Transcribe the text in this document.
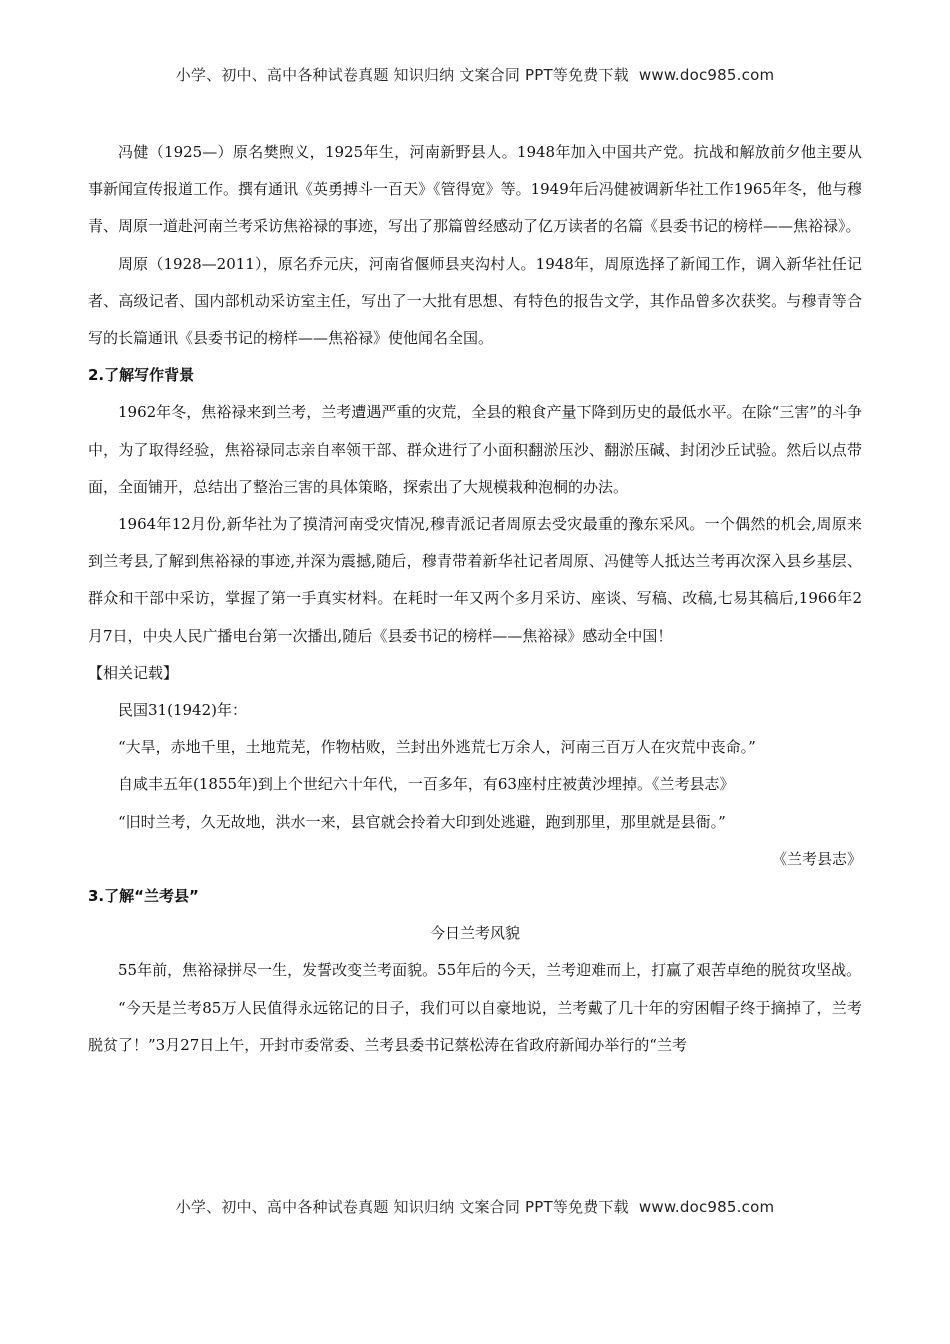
小学、初中、高中各种试卷真题 知识归纳 文案合同 PPT等免费下载 www.doc985.com

冯健（1925—）原名樊煦义，1925年生，河南新野县人。1948年加入中国共产党。抗战和解放前夕他主要从事新闻宣传报道工作。撰有通讯《英勇搏斗一百天》《管得宽》等。1949年后冯健被调新华社工作1965年冬，他与穆青、周原一道赴河南兰考采访焦裕禄的事迹，写出了那篇曾经感动了亿万读者的名篇《县委书记的榜样——焦裕禄》。

周原（1928—2011），原名乔元庆，河南省偃师县夹沟村人。1948年，周原选择了新闻工作，调入新华社任记者、高级记者、国内部机动采访室主任，写出了一大批有思想、有特色的报告文学，其作品曾多次获奖。与穆青等合写的长篇通讯《县委书记的榜样——焦裕禄》使他闻名全国。

2.了解写作背景

1962年冬，焦裕禄来到兰考，兰考遭遇严重的灾荒，全县的粮食产量下降到历史的最低水平。在除“三害”的斗争中，为了取得经验，焦裕禄同志亲自率领干部、群众进行了小面积翻淤压沙、翻淤压碱、封闭沙丘试验。然后以点带面，全面铺开，总结出了整治三害的具体策略，探索出了大规模栽种泡桐的办法。

1964年12月份,新华社为了摸清河南受灾情况,穆青派记者周原去受灾最重的豫东采风。一个偶然的机会,周原来到兰考县,了解到焦裕禄的事迹,并深为震撼,随后，穆青带着新华社记者周原、冯健等人抵达兰考再次深入县乡基层、群众和干部中采访，掌握了第一手真实材料。在耗时一年又两个多月采访、座谈、写稿、改稿,七易其稿后,1966年2月7日，中央人民广播电台第一次播出,随后《县委书记的榜样——焦裕禄》感动全中国！

【相关记载】

民国31(1942)年：

“大旱，赤地千里，土地荒芜，作物枯败，兰封出外逃荒七万余人，河南三百万人在灾荒中丧命。”

自咸丰五年(1855年)到上个世纪六十年代，一百多年，有63座村庄被黄沙埋掉。《兰考县志》

“旧时兰考，久无故地，洪水一来，县官就会拎着大印到处逃避，跑到那里，那里就是县衙。”

《兰考县志》

3.了解“兰考县”

今日兰考风貌

55年前，焦裕禄拼尽一生，发誓改变兰考面貌。55年后的今天，兰考迎难而上，打赢了艰苦卓绝的脱贫攻坚战。

“今天是兰考85万人民值得永远铭记的日子，我们可以自豪地说，兰考戴了几十年的穷困帽子终于摘掉了，兰考脱贫了！”3月27日上午，开封市委常委、兰考县委书记蔡松涛在省政府新闻办举行的“兰考

小学、初中、高中各种试卷真题 知识归纳 文案合同 PPT等免费下载 www.doc985.com
